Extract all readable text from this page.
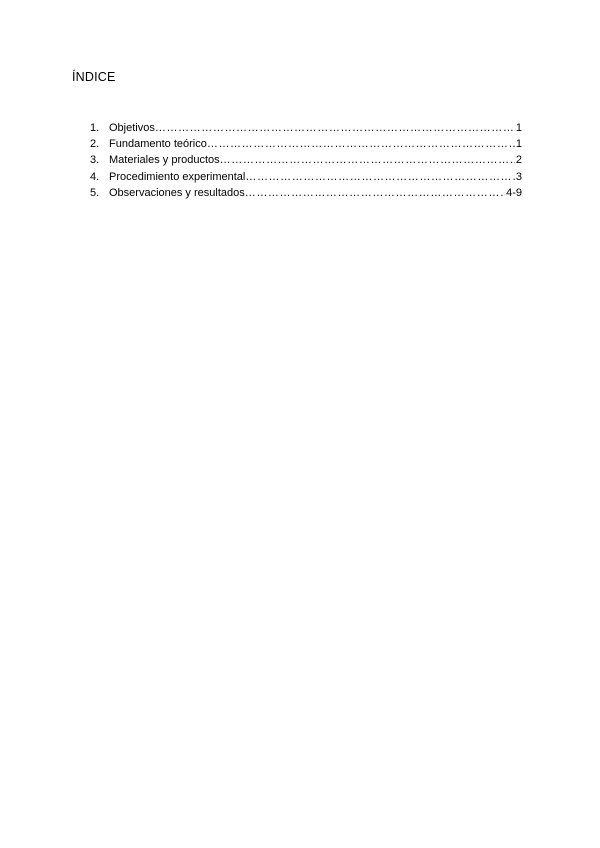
ÍNDICE
1. Objetivos ………………………………………………………………………………………………………………………………………………………………………………	1
2. Fundamento teórico ………………………………………………………………………………………………………………………………………………………………………………	1
3. Materiales y productos ………………………………………………………………………………………………………………………………………………………………………………	2
4. Procedimiento experimental ………………………………………………………………………………………………………………………………………………………………………………	3
5. Observaciones y resultados ………………………………………………………………………………………………………………………………………………………………………………	4-9
